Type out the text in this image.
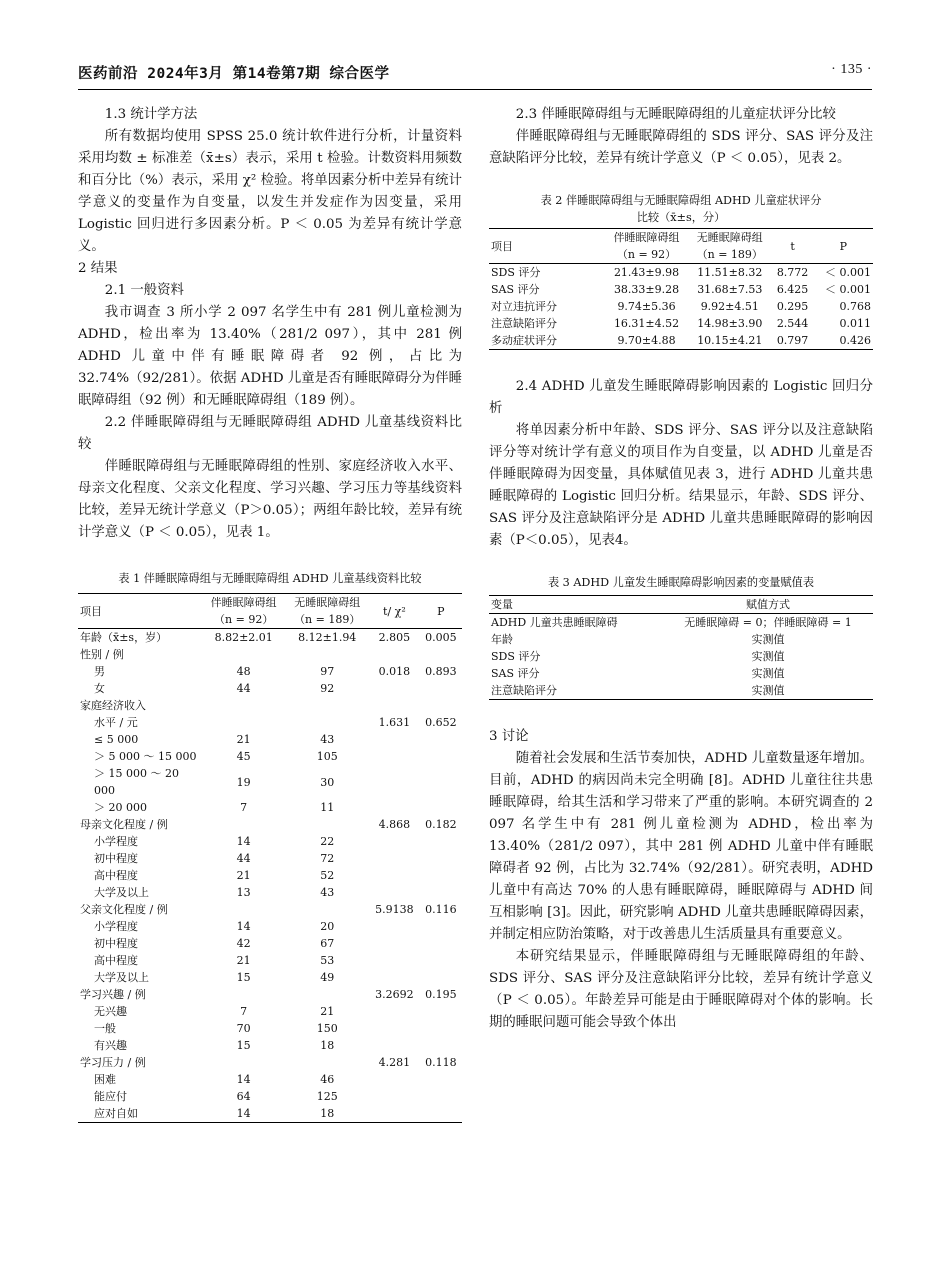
医药前沿 2024年3月 第14卷第7期 综合医学	· 135 ·

1.3 统计学方法

所有数据均使用 SPSS 25.0 统计软件进行分析，计量资料采用均数 ± 标准差（x̄±s）表示，采用 t 检验。计数资料用频数和百分比（%）表示，采用 χ² 检验。将单因素分析中差异有统计学意义的变量作为自变量，以发生并发症作为因变量，采用Logistic 回归进行多因素分析。P ＜ 0.05 为差异有统计学意义。

2 结果

2.1 一般资料

我市调查 3 所小学 2 097 名学生中有 281 例儿童检测为 ADHD，检出率为 13.40%（281/2 097），其中 281 例 ADHD 儿童中伴有睡眠障碍者 92 例，占比为 32.74%（92/281）。依据 ADHD 儿童是否有睡眠障碍分为伴睡眠障碍组（92 例）和无睡眠障碍组（189 例）。

2.2 伴睡眠障碍组与无睡眠障碍组 ADHD 儿童基线资料比较

伴睡眠障碍组与无睡眠障碍组的性别、家庭经济收入水平、母亲文化程度、父亲文化程度、学习兴趣、学习压力等基线资料比较，差异无统计学意义（P＞0.05）；两组年龄比较，差异有统计学意义（P ＜ 0.05），见表 1。

表 1 伴睡眠障碍组与无睡眠障碍组 ADHD 儿童基线资料比较

项目	伴睡眠障碍组	无睡眠障碍组	t/ χ²	P
	（n = 92）	（n = 189）		
年龄（x̄±s，岁）	8.82±2.01	8.12±1.94	2.805	0.005
性别 / 例				
男	48	97	0.018	0.893
女	44	92		
家庭经济收入				
水平 / 元			1.631	0.652
≤ 5 000	21	43		
＞ 5 000 ～ 15 000	45	105		
＞ 15 000 ～ 20 000	19	30		
＞ 20 000	7	11		
母亲文化程度 / 例			4.868	0.182
小学程度	14	22		
初中程度	44	72		
高中程度	21	52		
大学及以上	13	43		
父亲文化程度 / 例			5.9138	0.116
小学程度	14	20		
初中程度	42	67		
高中程度	21	53		
大学及以上	15	49		
学习兴趣 / 例			3.2692	0.195
无兴趣	7	21		
一般	70	150		
有兴趣	15	18		
学习压力 / 例			4.281	0.118
困难	14	46		
能应付	64	125		
应对自如	14	18		

2.3 伴睡眠障碍组与无睡眠障碍组的儿童症状评分比较

伴睡眠障碍组与无睡眠障碍组的 SDS 评分、SAS 评分及注意缺陷评分比较，差异有统计学意义（P ＜ 0.05），见表 2。

表 2 伴睡眠障碍组与无睡眠障碍组 ADHD 儿童症状评分

比较（x̄±s，分）

项目	伴睡眠障碍组	无睡眠障碍组	t	P
	（n = 92）	（n = 189）		
SDS 评分	21.43±9.98	11.51±8.32	8.772	＜ 0.001
SAS 评分	38.33±9.28	31.68±7.53	6.425	＜ 0.001
对立违抗评分	9.74±5.36	9.92±4.51	0.295	0.768
注意缺陷评分	16.31±4.52	14.98±3.90	2.544	0.011
多动症状评分	9.70±4.88	10.15±4.21	0.797	0.426

2.4 ADHD 儿童发生睡眠障碍影响因素的 Logistic 回归分析

将单因素分析中年龄、SDS 评分、SAS 评分以及注意缺陷评分等对统计学有意义的项目作为自变量，以 ADHD 儿童是否伴睡眠障碍为因变量，具体赋值见表 3，进行 ADHD 儿童共患睡眠障碍的 Logistic 回归分析。结果显示，年龄、SDS 评分、SAS 评分及注意缺陷评分是 ADHD 儿童共患睡眠障碍的影响因素（P＜0.05），见表4。

表 3 ADHD 儿童发生睡眠障碍影响因素的变量赋值表

变量	赋值方式
ADHD 儿童共患睡眠障碍	无睡眠障碍 = 0；伴睡眠障碍 = 1
年龄	实测值
SDS 评分	实测值
SAS 评分	实测值
注意缺陷评分	实测值

3 讨论

随着社会发展和生活节奏加快，ADHD 儿童数量逐年增加。目前，ADHD 的病因尚未完全明确 [8]。ADHD 儿童往往共患睡眠障碍，给其生活和学习带来了严重的影响。本研究调查的 2 097 名学生中有 281 例儿童检测为 ADHD，检出率为 13.40%（281/2 097），其中 281 例 ADHD 儿童中伴有睡眠障碍者 92 例，占比为 32.74%（92/281）。研究表明，ADHD 儿童中有高达 70% 的人患有睡眠障碍，睡眠障碍与 ADHD 间互相影响 [3]。因此，研究影响 ADHD 儿童共患睡眠障碍因素，并制定相应防治策略，对于改善患儿生活质量具有重要意义。

本研究结果显示，伴睡眠障碍组与无睡眠障碍组的年龄、SDS 评分、SAS 评分及注意缺陷评分比较，差异有统计学意义（P ＜ 0.05）。年龄差异可能是由于睡眠障碍对个体的影响。长期的睡眠问题可能会导致个体出
